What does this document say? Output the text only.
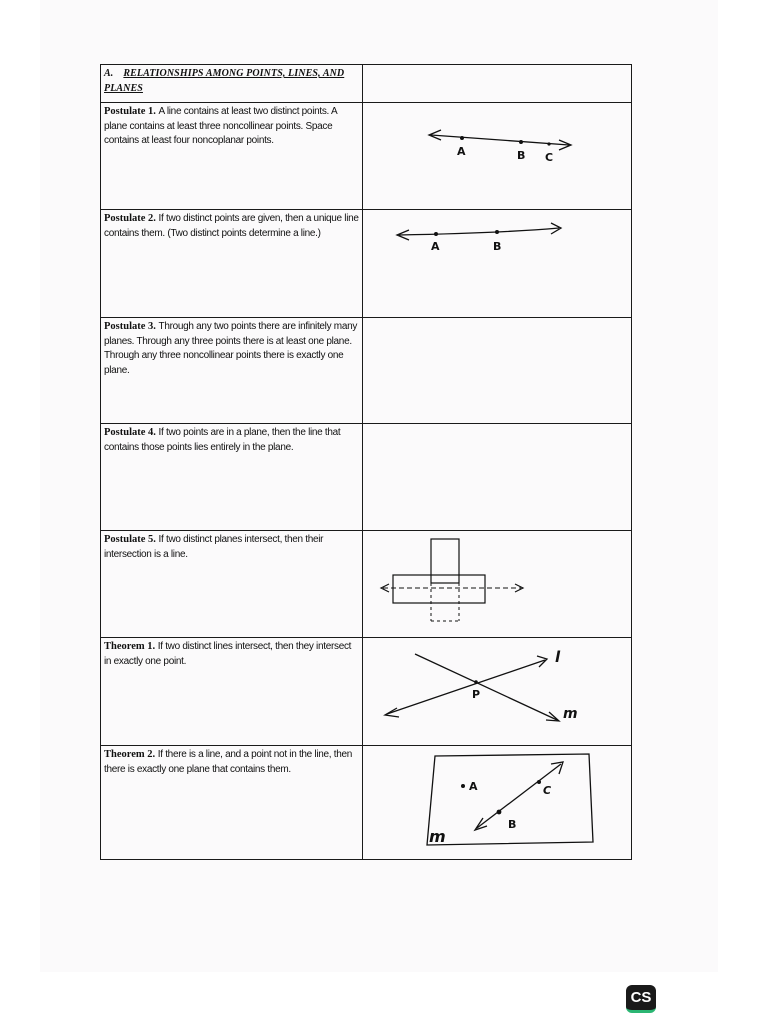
A. RELATIONSHIPS AMONG POINTS, LINES, AND PLANES	
Postulate 1. A line contains at least two distinct points. A plane contains at least three noncollinear points. Space contains at least four noncoplanar points.	A B C

Postulate 2. If two distinct points are given, then a unique line contains them. (Two distinct points determine a line.)	A B

Postulate 3. Through any two points there are infinitely many planes. Through any three points there is at least one plane. Through any three noncollinear points there is exactly one plane.	
Postulate 4. If two points are in a plane, then the line that contains those points lies entirely in the plane.	
Postulate 5. If two distinct planes intersect, then their intersection is a line.	

Theorem 1. If two distinct lines intersect, then they intersect in exactly one point.	P
l
m

Theorem 2. If there is a line, and a point not in the line, then there is exactly one plane that contains them.	A
B
C
m
CS
